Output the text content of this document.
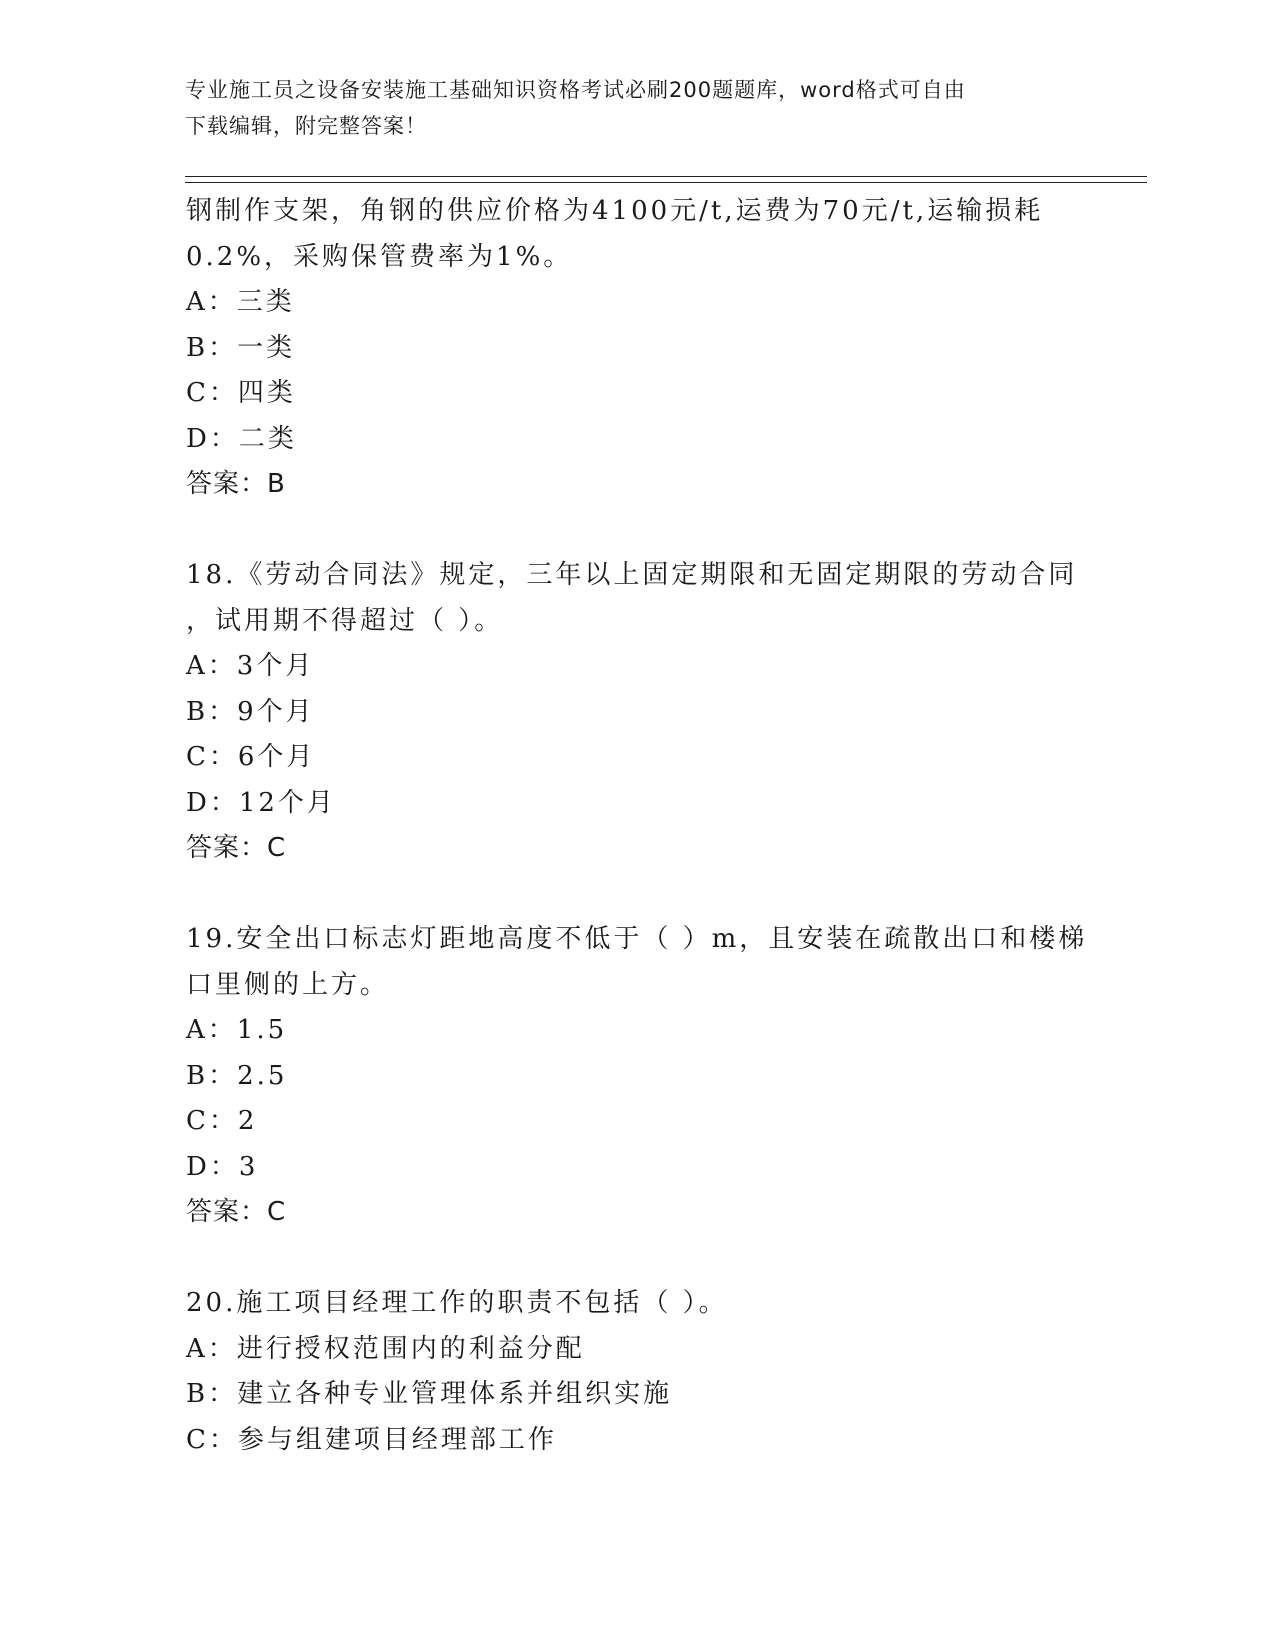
专业施工员之设备安装施工基础知识资格考试必刷200题题库，word格式可自由
下载编辑，附完整答案！
钢制作支架，角钢的供应价格为4100元/t,运费为70元/t,运输损耗
0.2%，采购保管费率为1%。
A：三类
B：一类
C：四类
D：二类
答案：B
18.《劳动合同法》规定，三年以上固定期限和无固定期限的劳动合同
，试用期不得超过（ ）。
A：3个月
B：9个月
C：6个月
D：12个月
答案：C
19.安全出口标志灯距地高度不低于（ ）m，且安装在疏散出口和楼梯
口里侧的上方。
A：1.5
B：2.5
C：2
D：3
答案：C
20.施工项目经理工作的职责不包括（ ）。
A：进行授权范围内的利益分配
B：建立各种专业管理体系并组织实施
C：参与组建项目经理部工作
